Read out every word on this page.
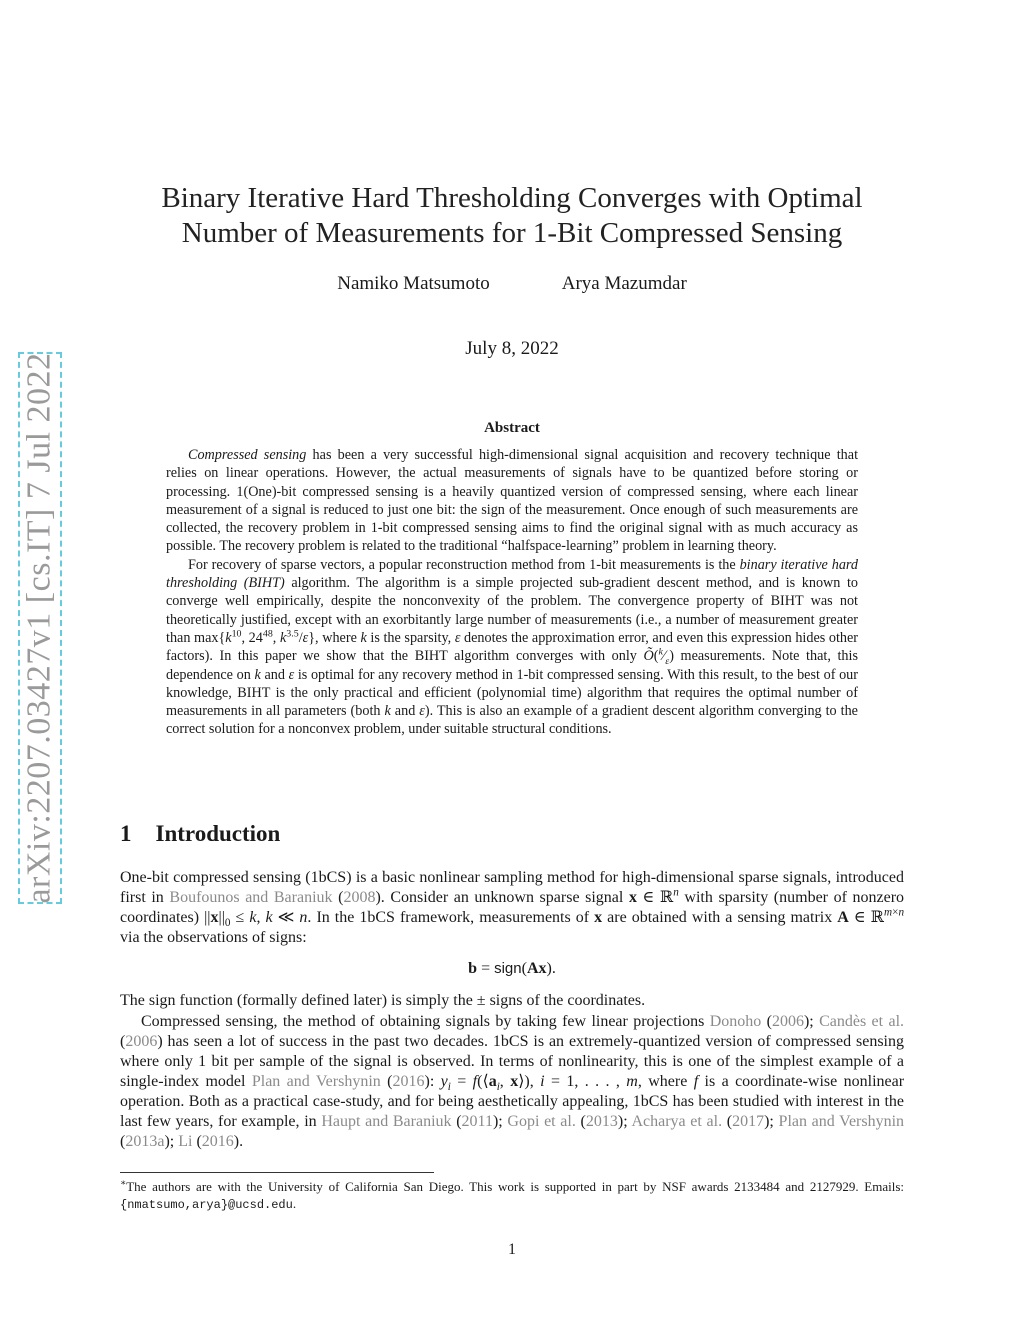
arXiv:2207.03427v1 [cs.IT] 7 Jul 2022
Binary Iterative Hard Thresholding Converges with Optimal
Number of Measurements for 1-Bit Compressed Sensing
Namiko Matsumoto	Arya Mazumdar
July 8, 2022
Abstract

Compressed sensing has been a very successful high-dimensional signal acquisition and recovery technique that relies on linear operations. However, the actual measurements of signals have to be quantized before storing or processing. 1(One)-bit compressed sensing is a heavily quantized version of compressed sensing, where each linear measurement of a signal is reduced to just one bit: the sign of the measurement. Once enough of such measurements are collected, the recovery problem in 1-bit compressed sensing aims to find the original signal with as much accuracy as possible. The recovery problem is related to the traditional “halfspace-learning” problem in learning theory.

For recovery of sparse vectors, a popular reconstruction method from 1-bit measurements is the binary iterative hard thresholding (BIHT) algorithm. The algorithm is a simple projected sub-gradient descent method, and is known to converge well empirically, despite the nonconvexity of the problem. The convergence property of BIHT was not theoretically justified, except with an exorbitantly large number of measurements (i.e., a number of measurement greater than $\max\{k^{10}$, $24^{48}$, $k^{3.5}/\varepsilon$}, where k is the sparsity, ε denotes the approximation error, and even this expression hides other factors). In this paper we show that the BIHT algorithm converges with only $Õ(^k⁄_\varepsilon)$ measurements. Note that, this dependence on k and ε is optimal for any recovery method in 1-bit compressed sensing. With this result, to the best of our knowledge, BIHT is the only practical and efficient (polynomial time) algorithm that requires the optimal number of measurements in all parameters (both k and ε). This is also an example of a gradient descent algorithm converging to the correct solution for a nonconvex problem, under suitable structural conditions.

1 Introduction

One-bit compressed sensing (1bCS) is a basic nonlinear sampling method for high-dimensional sparse signals, introduced first in Boufounos and Baraniuk (2008). Consider an unknown sparse signal x ∈ ℝ$^n$ with sparsity (number of nonzero coordinates) $||x||_0 \le k$, k ≪ n. In the 1bCS framework, measurements of x are obtained with a sensing matrix A ∈ ℝ$^{m\times n}$ via the observations of signs:

b = sign(Ax).

The sign function (formally defined later) is simply the ± signs of the coordinates.

Compressed sensing, the method of obtaining signals by taking few linear projections Donoho (2006); Candès et al. (2006) has seen a lot of success in the past two decades. 1bCS is an extremely-quantized version of compressed sensing where only 1 bit per sample of the signal is observed. In terms of nonlinearity, this is one of the simplest example of a single-index model Plan and Vershynin (2016): $y_i$ = $f(⟨a_i$, x⟩), i = 1, . . . , m, where f is a coordinate-wise nonlinear operation. Both as a practical case-study, and for being aesthetically appealing, 1bCS has been studied with interest in the last few years, for example, in Haupt and Baraniuk (2011); Gopi et al. (2013); Acharya et al. (2017); Plan and Vershynin (2013a); Li (2016).

∗The authors are with the University of California San Diego. This work is supported in part by NSF awards 2133484 and 2127929. Emails: {nmatsumo,arya}@ucsd.edu.
1
